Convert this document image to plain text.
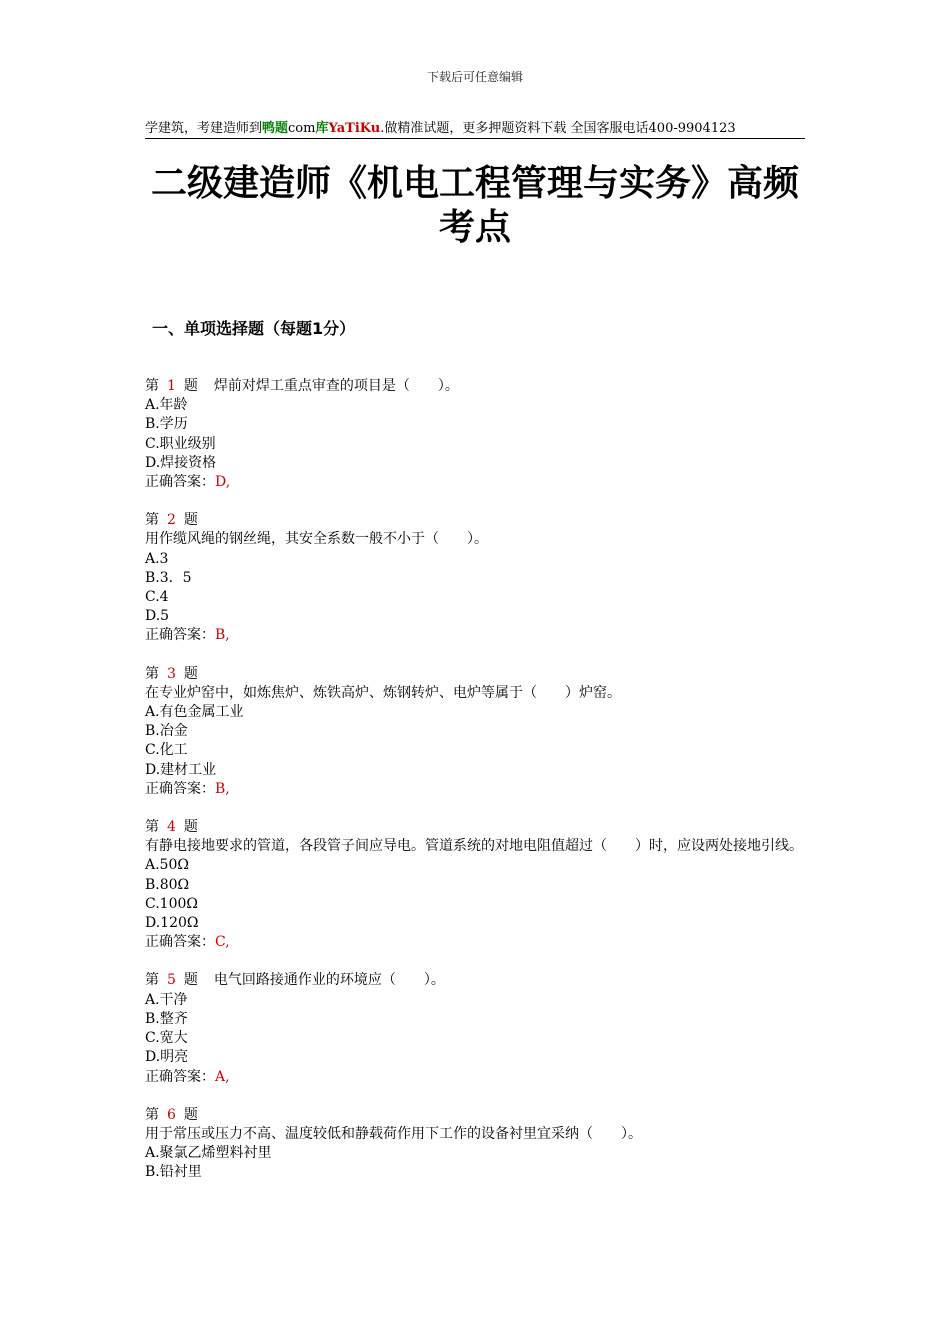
下载后可任意编辑
学建筑，考建造师到鸭题com库YaTiKu.做精准试题，更多押题资料下载 全国客服电话400-9904123
二级建造师《机电工程管理与实务》高频考点
一、单项选择题（每题1分）
第 1 题 焊前对焊工重点审查的项目是（　　）。
A.年龄
B.学历
C.职业级别
D.焊接资格
正确答案：D,
第 2 题
用作缆风绳的钢丝绳，其安全系数一般不小于（　　）。
A.3
B.3．5
C.4
D.5
正确答案：B,
第 3 题
在专业炉窑中，如炼焦炉、炼铁高炉、炼钢转炉、电炉等属于（　　）炉窑。
A.有色金属工业
B.冶金
C.化工
D.建材工业
正确答案：B,
第 4 题
有静电接地要求的管道，各段管子间应导电。管道系统的对地电阻值超过（　　）时，应设两处接地引线。
A.50Ω
B.80Ω
C.100Ω
D.120Ω
正确答案：C,
第 5 题 电气回路接通作业的环境应（　　）。
A.干净
B.整齐
C.宽大
D.明亮
正确答案：A,
第 6 题
用于常压或压力不高、温度较低和静载荷作用下工作的设备衬里宜采纳（　　）。
A.聚氯乙烯塑料衬里
B.铅衬里
